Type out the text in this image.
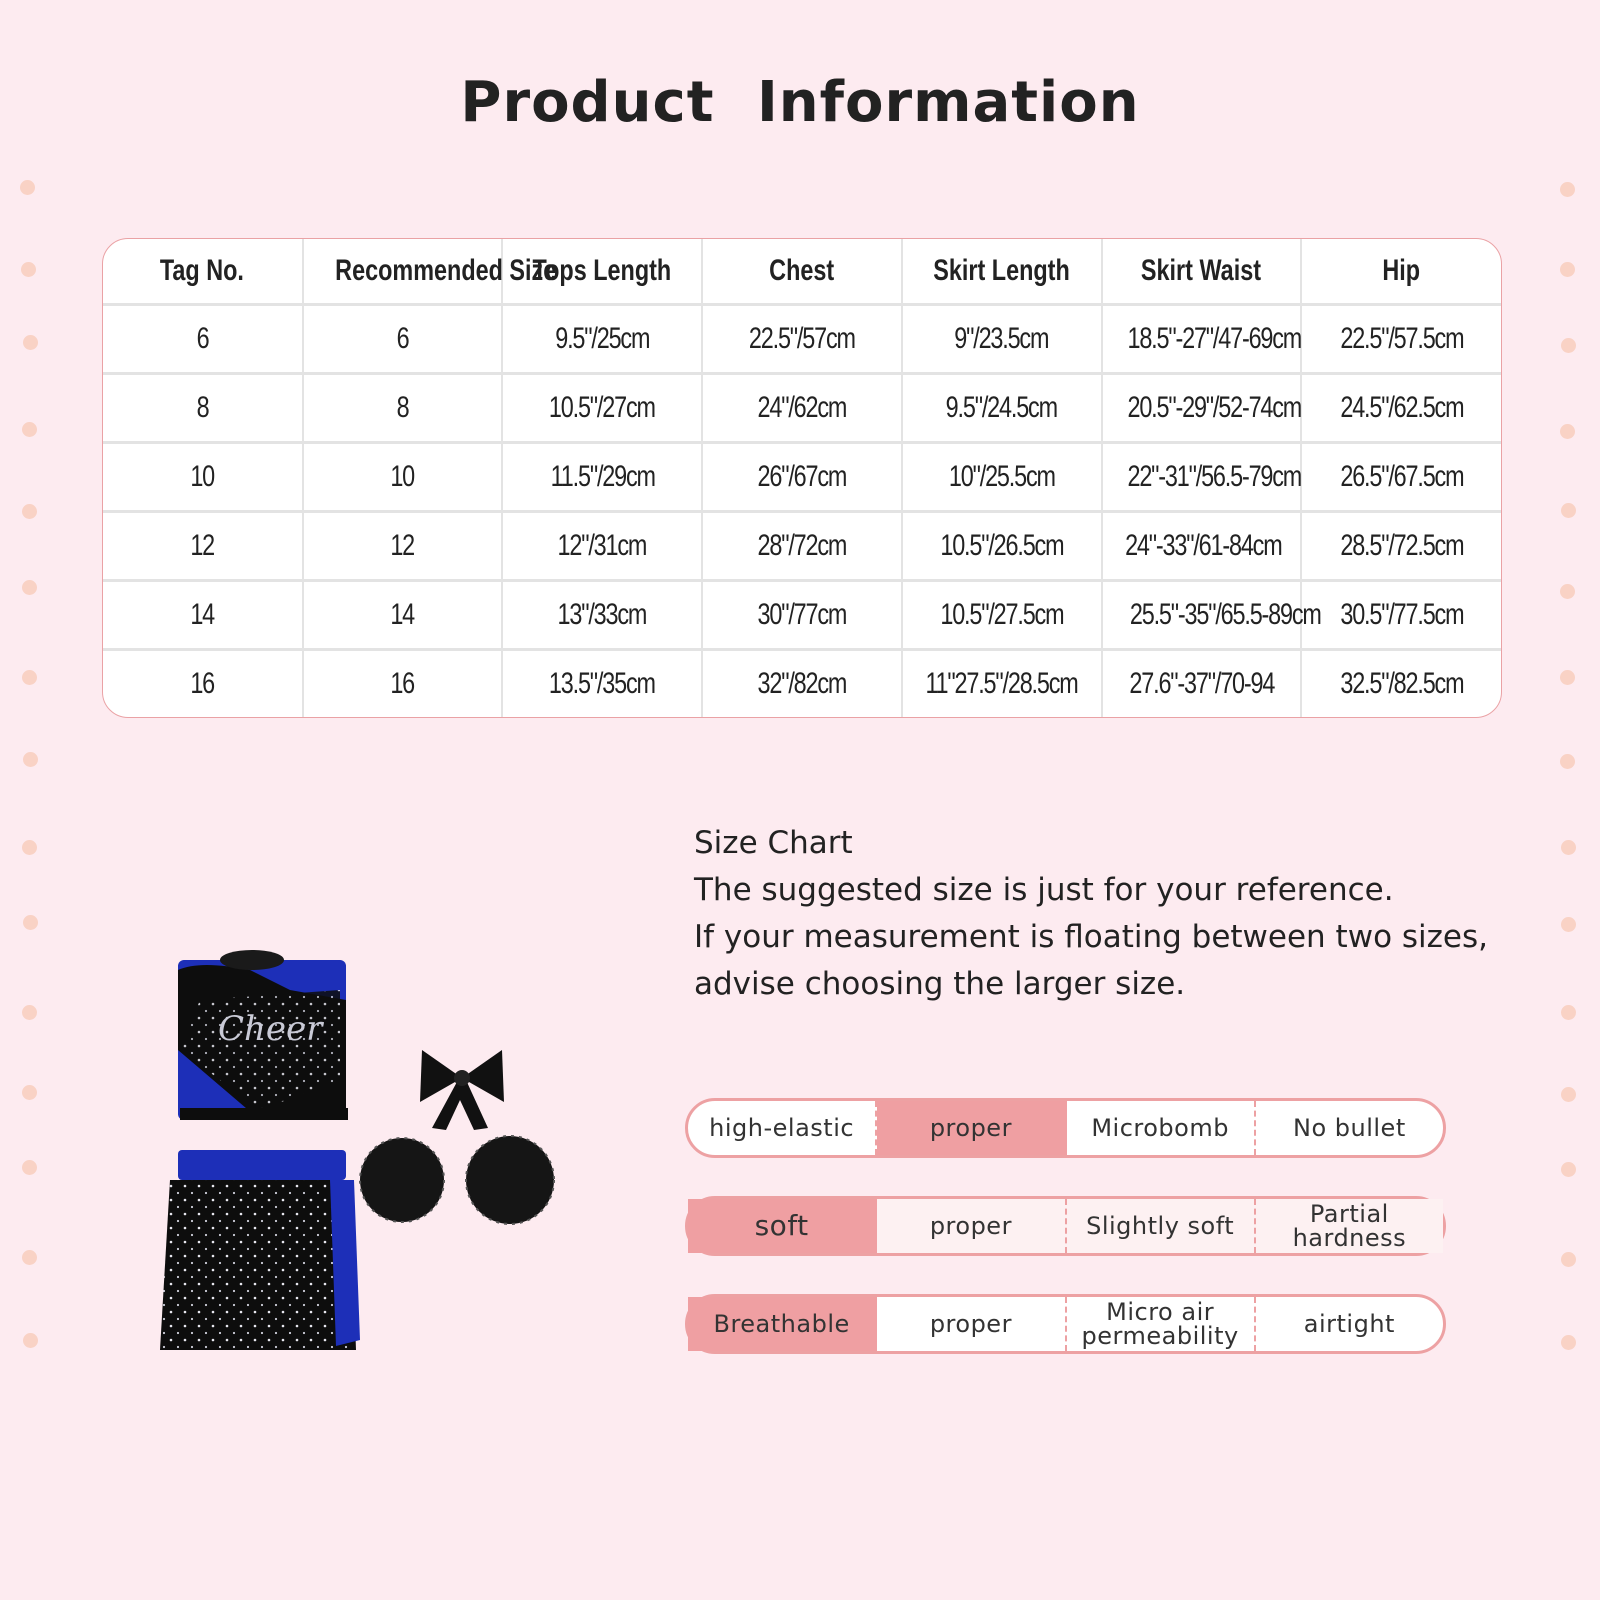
Product Information
Tag No.	Recommended Size	Tops Length	Chest	Skirt Length	Skirt Waist	Hip
6	6	9.5"/25cm	22.5"/57cm	9"/23.5cm	18.5"-27"/47-69cm	22.5"/57.5cm
8	8	10.5"/27cm	24"/62cm	9.5"/24.5cm	20.5"-29"/52-74cm	24.5"/62.5cm
10	10	11.5"/29cm	26"/67cm	10"/25.5cm	22"-31"/56.5-79cm	26.5"/67.5cm
12	12	12"/31cm	28"/72cm	10.5"/26.5cm	24"-33"/61-84cm	28.5"/72.5cm
14	14	13"/33cm	30"/77cm	10.5"/27.5cm	25.5"-35"/65.5-89cm	30.5"/77.5cm
16	16	13.5"/35cm	32"/82cm	11"27.5"/28.5cm	27.6"-37"/70-94	32.5"/82.5cm
Cheer
Size Chart
The suggested size is just for your reference.
If your measurement is floating between two sizes,
advise choosing the larger size.
high-elastic	proper	Microbomb	No bullet
soft	proper	Slightly soft	Partial hardness
Breathable	proper	Micro air permeability	airtight
